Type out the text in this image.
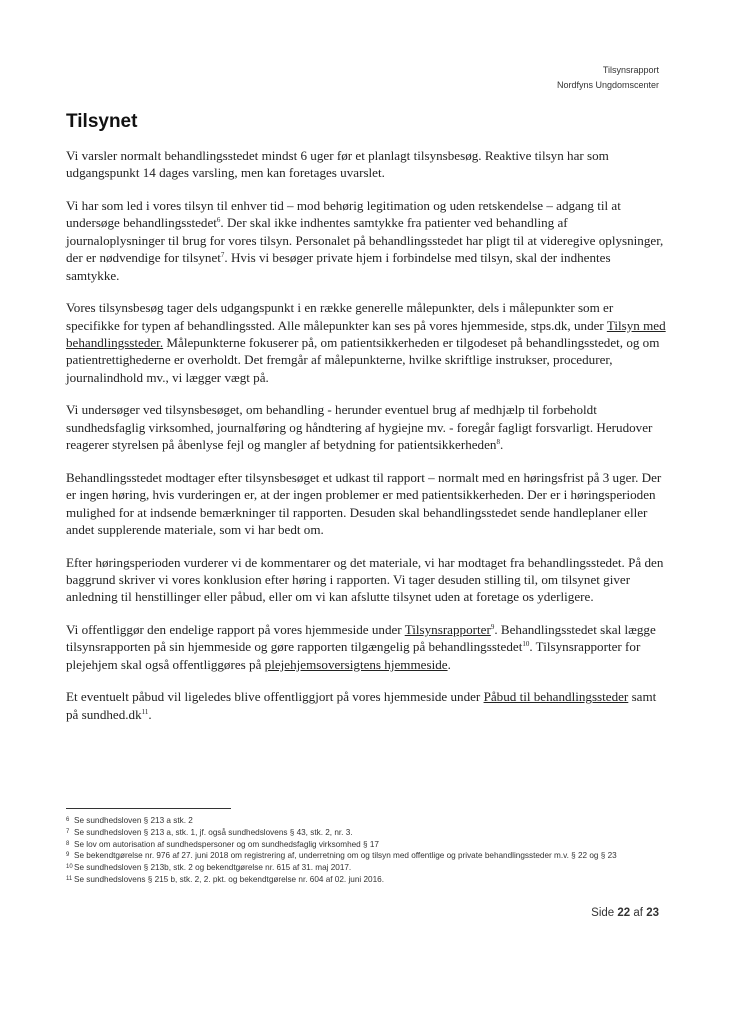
Tilsynsrapport
Nordfyns Ungdomscenter
Tilsynet

Vi varsler normalt behandlingsstedet mindst 6 uger før et planlagt tilsynsbesøg. Reaktive tilsyn har som udgangspunkt 14 dages varsling, men kan foretages uvarslet.

Vi har som led i vores tilsyn til enhver tid – mod behørig legitimation og uden retskendelse – adgang til at undersøge behandlingsstedet$^6$. Der skal ikke indhentes samtykke fra patienter ved behandling af journaloplysninger til brug for vores tilsyn. Personalet på behandlingsstedet har pligt til at videregive oplysninger, der er nødvendige for tilsynet$^7$. Hvis vi besøger private hjem i forbindelse med tilsyn, skal der indhentes samtykke.

Vores tilsynsbesøg tager dels udgangspunkt i en række generelle målepunkter, dels i målepunkter som er specifikke for typen af behandlingssted. Alle målepunkter kan ses på vores hjemmeside, stps.dk, under Tilsyn med behandlingssteder. Målepunkterne fokuserer på, om patientsikkerheden er tilgodeset på behandlingsstedet, og om patientrettighederne er overholdt. Det fremgår af målepunkterne, hvilke skriftlige instrukser, procedurer, journalindhold mv., vi lægger vægt på.

Vi undersøger ved tilsynsbesøget, om behandling - herunder eventuel brug af medhjælp til forbeholdt sundhedsfaglig virksomhed, journalføring og håndtering af hygiejne mv. - foregår fagligt forsvarligt. Herudover reagerer styrelsen på åbenlyse fejl og mangler af betydning for patientsikkerheden$^8$.

Behandlingsstedet modtager efter tilsynsbesøget et udkast til rapport – normalt med en høringsfrist på 3 uger. Der er ingen høring, hvis vurderingen er, at der ingen problemer er med patientsikkerheden. Der er i høringsperioden mulighed for at indsende bemærkninger til rapporten. Desuden skal behandlingsstedet sende handleplaner eller andet supplerende materiale, som vi har bedt om.

Efter høringsperioden vurderer vi de kommentarer og det materiale, vi har modtaget fra behandlingsstedet. På den baggrund skriver vi vores konklusion efter høring i rapporten. Vi tager desuden stilling til, om tilsynet giver anledning til henstillinger eller påbud, eller om vi kan afslutte tilsynet uden at foretage os yderligere.

Vi offentliggør den endelige rapport på vores hjemmeside under Tilsynsrapporter$^9$. Behandlingsstedet skal lægge tilsynsrapporten på sin hjemmeside og gøre rapporten tilgængelig på behandlingsstedet$^{10}$. Tilsynsrapporter for plejehjem skal også offentliggøres på plejehjemsoversigtens hjemmeside.

Et eventuelt påbud vil ligeledes blive offentliggjort på vores hjemmeside under Påbud til behandlingssteder samt på $sundhed.dk^{11}$.

6 Se sundhedsloven § 213 a stk. 2
7 Se sundhedsloven § 213 a, stk. 1, jf. også sundhedslovens § 43, stk. 2, nr. 3.
8 Se lov om autorisation af sundhedspersoner og om sundhedsfaglig virksomhed § 17
9 Se bekendtgørelse nr. 976 af 27. juni 2018 om registrering af, underretning om og tilsyn med offentlige og private behandlingssteder m.v. § 22 og § 23
10 Se sundhedsloven § 213b, stk. 2 og bekendtgørelse nr. 615 af 31. maj 2017.
11 Se sundhedslovens § 215 b, stk. 2, 2. pkt. og bekendtgørelse nr. 604 af 02. juni 2016.
Side 22 af 23
